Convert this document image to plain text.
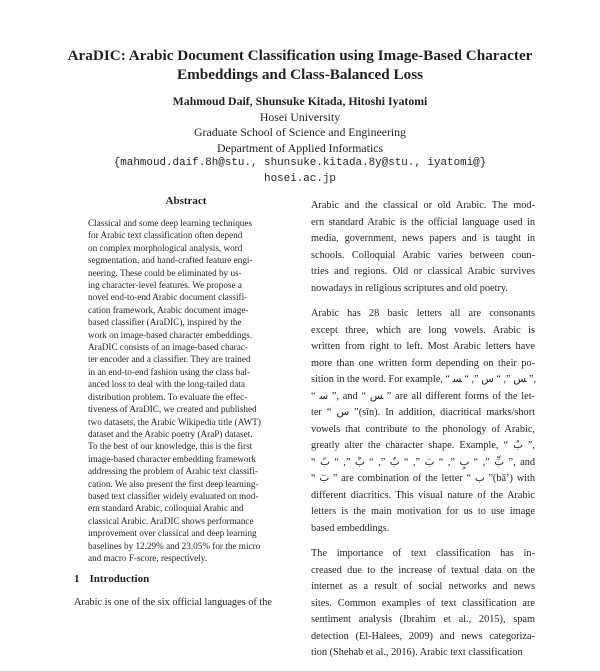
AraDIC: Arabic Document Classification using Image-Based Character
Embeddings and Class-Balanced Loss
Mahmoud Daif, Shunsuke Kitada, Hitoshi Iyatomi
Hosei University
Graduate School of Science and Engineering
Department of Applied Informatics
{mahmoud.daif.8h@stu., shunsuke.kitada.8y@stu., iyatomi@}
hosei.ac.jp
Abstract
Classical and some deep learning techniques
for Arabic text classification often depend
on complex morphological analysis, word
segmentation, and hand-crafted feature engi-
neering. These could be eliminated by us-
ing character-level features. We propose a
novel end-to-end Arabic document classifi-
cation framework, Arabic document image-
based classifier (AraDIC), inspired by the
work on image-based character embeddings.
AraDIC consists of an image-based charac-
ter encoder and a classifier. They are trained
in an end-to-end fashion using the class bal-
anced loss to deal with the long-tailed data
distribution problem. To evaluate the effec-
tiveness of AraDIC, we created and published
two datasets, the Arabic Wikipedia title (AWT)
dataset and the Arabic poetry (AraP) dataset.
To the best of our knowledge, this is the first
image-based character embedding framework
addressing the problem of Arabic text classifi-
cation. We also present the first deep learning-
based text classifier widely evaluated on mod-
ern standard Arabic, colloquial Arabic and
classical Arabic. AraDIC shows performance
improvement over classical and deep learning
baselines by 12.29% and 23.05% for the micro
and macro F-score, respectively.
1 Introduction
Arabic is one of the six official languages of the
Arabic and the classical or old Arabic. The mod-
ern standard Arabic is the official language used in
media, government, news papers and is taught in
schools. Colloquial Arabic varies between coun-
tries and regions. Old or classical Arabic survives
nowadays in religious scriptures and old poetry.
Arabic has 28 basic letters all are consonants
except three, which are long vowels. Arabic is
written from right to left. Most Arabic letters have
more than one written form depending on their po-
sition in the word. For example, “ ﺲ ”, “ ﺱ ”, “ ﺴ ”,
“ ﺳ ”, and “ ﺲ ” are all different forms of the let-
ter “ س ”(sīn). In addition, diacritical marks/short
vowels that contribute to the phonology of Arabic,
greatly alter the character shape. Example, “ بُ ”,
“ بِّ ”, “ بٍ ”, “ بَ ”, “ بٌ ”, “ بْ ”, “ بً ”, and
“ بٓ ” are combination of the letter “ ب ”(bā’) with
different diacritics. This visual nature of the Arabic
letters is the main motivation for us to use image
based embeddings.
The importance of text classification has in-
creased due to the increase of textual data on the
internet as a result of social networks and news
sites. Common examples of text classification are
sentiment analysis (Ibrahim et al., 2015), spam
detection (El-Halees, 2009) and news categoriza-
tion (Shehab et al., 2016). Arabic text classification
